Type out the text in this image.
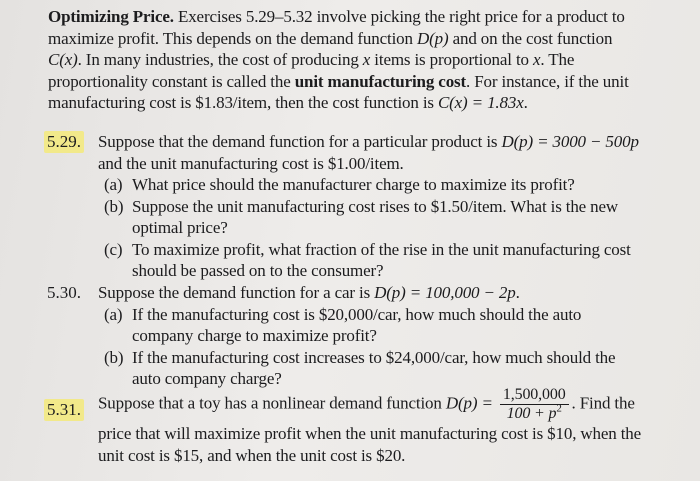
Optimizing Price. Exercises 5.29–5.32 involve picking the right price for a product to maximize profit. This depends on the demand function D(p) and on the cost function C(x). In many industries, the cost of producing x items is proportional to x. The proportionality constant is called the unit manufacturing cost. For instance, if the unit manufacturing cost is $1.83/item, then the cost function is C(x) = 1.83x.
5.29. Suppose that the demand function for a particular product is D(p) = 3000 − 500p and the unit manufacturing cost is $1.00/item.
(a) What price should the manufacturer charge to maximize its profit?
(b) Suppose the unit manufacturing cost rises to $1.50/item. What is the new optimal price?
(c) To maximize profit, what fraction of the rise in the unit manufacturing cost should be passed on to the consumer?
5.30. Suppose the demand function for a car is D(p) = 100,000 − 2p.
(a) If the manufacturing cost is $20,000/car, how much should the auto company charge to maximize profit?
(b) If the manufacturing cost increases to $24,000/car, how much should the auto company charge?
5.31. Suppose that a toy has a nonlinear demand function $D(p) = \frac{1,500,000}{100 + p^2}$ . Find the price that will maximize profit when the unit manufacturing cost is $10, when the unit cost is $15, and when the unit cost is $20.
